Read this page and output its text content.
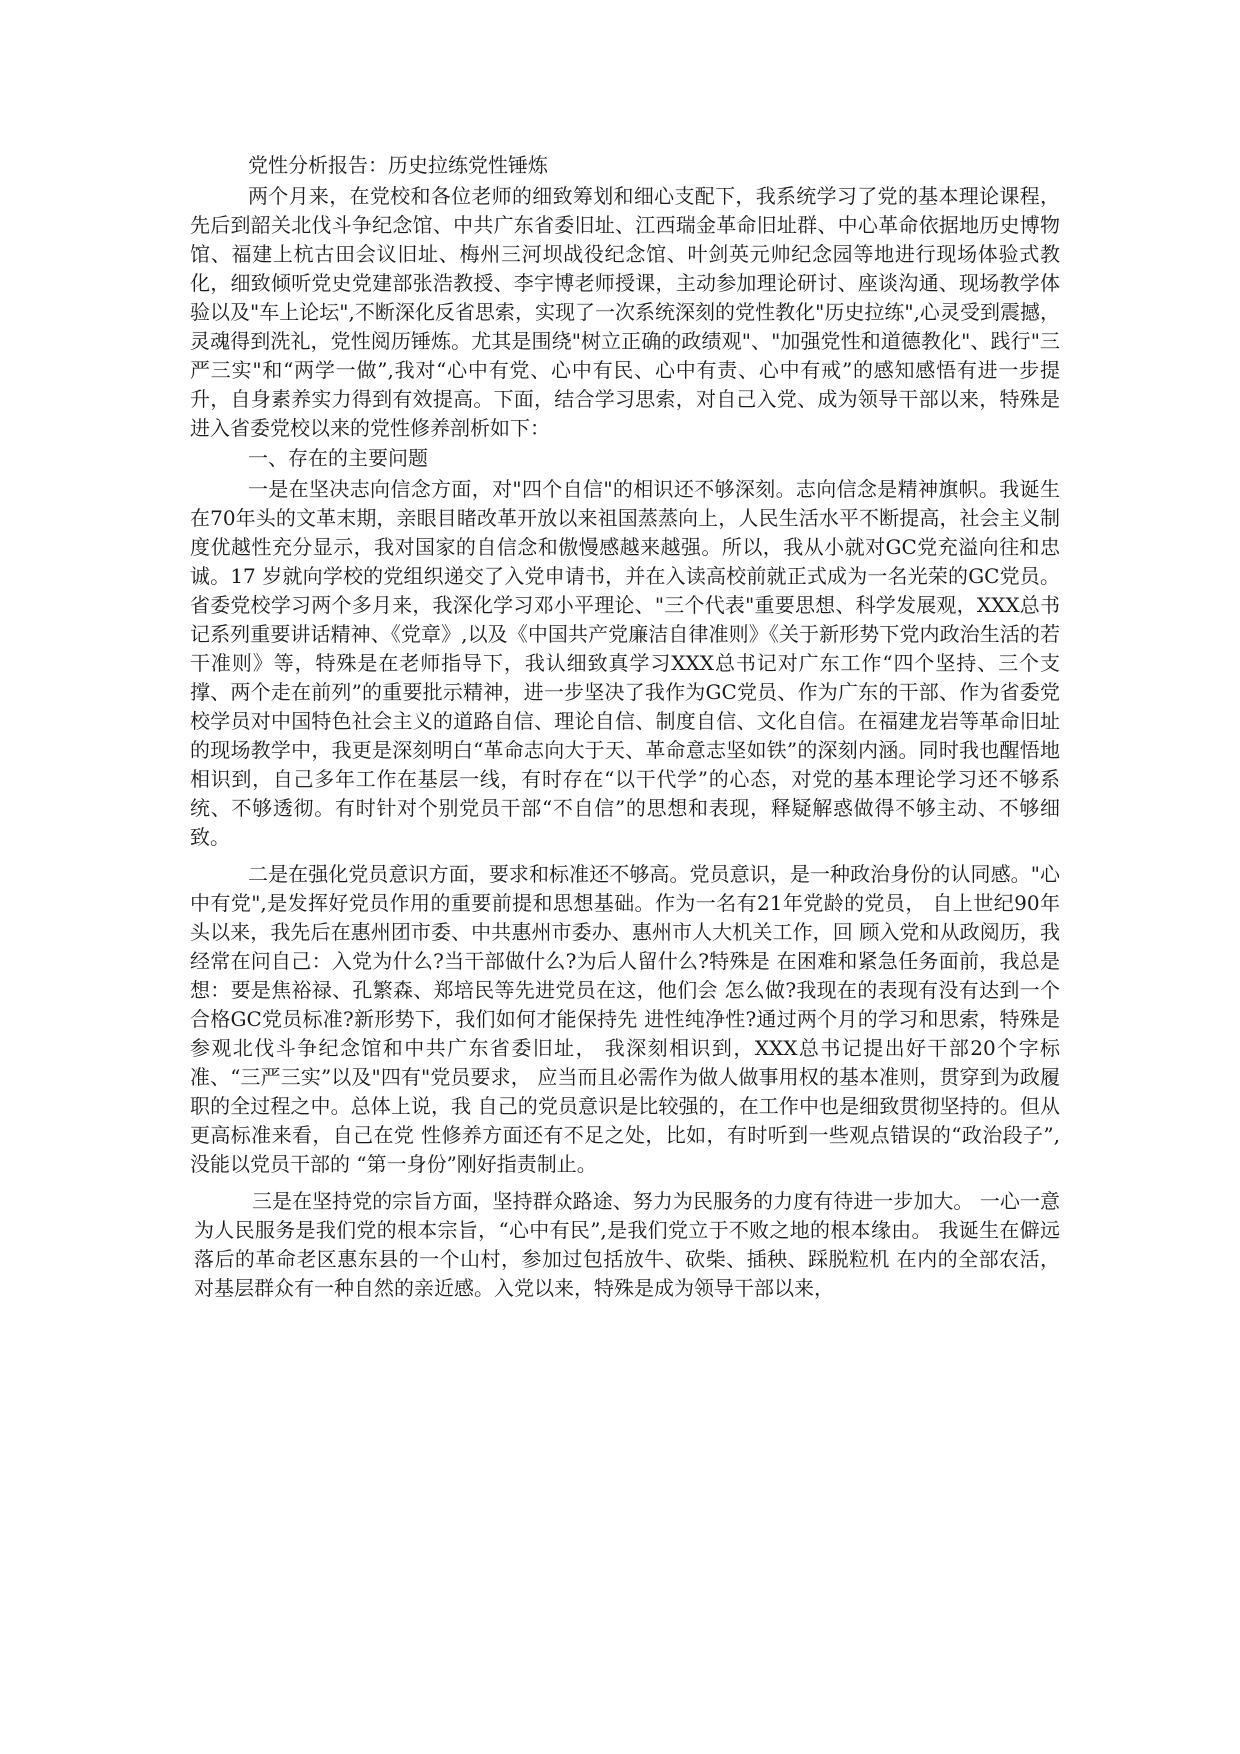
党性分析报告：历史拉练党性锤炼

两个月来，在党校和各位老师的细致筹划和细心支配下，我系统学习了党的基本理论课程，先后到韶关北伐斗争纪念馆、中共广东省委旧址、江西瑞金革命旧址群、中心革命依据地历史博物馆、福建上杭古田会议旧址、梅州三河坝战役纪念馆、叶剑英元帅纪念园等地进行现场体验式教化，细致倾听党史党建部张浩教授、李宇博老师授课，主动参加理论研讨、座谈沟通、现场教学体验以及"车上论坛",不断深化反省思索，实现了一次系统深刻的党性教化"历史拉练",心灵受到震撼，灵魂得到洗礼，党性阅历锤炼。尤其是围绕"树立正确的政绩观"、"加强党性和道德教化"、践行"三严三实"和“两学一做”,我对“心中有党、心中有民、心中有责、心中有戒”的感知感悟有进一步提升，自身素养实力得到有效提高。下面，结合学习思索，对自己入党、成为领导干部以来，特殊是进入省委党校以来的党性修养剖析如下：

一、存在的主要问题

一是在坚决志向信念方面，对"四个自信"的相识还不够深刻。志向信念是精神旗帜。我诞生在70年头的文革末期，亲眼目睹改革开放以来祖国蒸蒸向上，人民生活水平不断提高，社会主义制度优越性充分显示，我对国家的自信念和傲慢感越来越强。所以，我从小就对GC党充溢向往和忠诚。17 岁就向学校的党组织递交了入党申请书，并在入读高校前就正式成为一名光荣的GC党员。省委党校学习两个多月来，我深化学习邓小平理论、"三个代表"重要思想、科学发展观，XXX总书记系列重要讲话精神、《党章》,以及《中国共产党廉洁自律准则》《关于新形势下党内政治生活的若干准则》等，特殊是在老师指导下，我认细致真学习XXX总书记对广东工作“四个坚持、三个支撑、两个走在前列”的重要批示精神，进一步坚决了我作为GC党员、作为广东的干部、作为省委党校学员对中国特色社会主义的道路自信、理论自信、制度自信、文化自信。在福建龙岩等革命旧址的现场教学中，我更是深刻明白“革命志向大于天、革命意志坚如铁”的深刻内涵。同时我也醒悟地相识到，自己多年工作在基层一线，有时存在“以干代学”的心态，对党的基本理论学习还不够系统、不够透彻。有时针对个别党员干部“不自信”的思想和表现，释疑解惑做得不够主动、不够细致。

二是在强化党员意识方面，要求和标准还不够高。党员意识，是一种政治身份的认同感。"心中有党",是发挥好党员作用的重要前提和思想基础。作为一名有21年党龄的党员， 自上世纪90年头以来，我先后在惠州团市委、中共惠州市委办、惠州市人大机关工作，回 顾入党和从政阅历，我经常在问自己：入党为什么?当干部做什么?为后人留什么?特殊是 在困难和紧急任务面前，我总是想：要是焦裕禄、孔繁森、郑培民等先进党员在这，他们会 怎么做?我现在的表现有没有达到一个合格GC党员标准?新形势下，我们如何才能保持先 进性纯净性?通过两个月的学习和思索，特殊是参观北伐斗争纪念馆和中共广东省委旧址， 我深刻相识到，XXX总书记提出好干部20个字标准、“三严三实”以及"四有"党员要求， 应当而且必需作为做人做事用权的基本准则，贯穿到为政履职的全过程之中。总体上说，我 自己的党员意识是比较强的，在工作中也是细致贯彻坚持的。但从更高标准来看，自己在党 性修养方面还有不足之处，比如，有时听到一些观点错误的“政治段子”,没能以党员干部的 “第一身份”刚好指责制止。

三是在坚持党的宗旨方面，坚持群众路途、努力为民服务的力度有待进一步加大。 一心一意为人民服务是我们党的根本宗旨，“心中有民”,是我们党立于不败之地的根本缘由。 我诞生在僻远落后的革命老区惠东县的一个山村，参加过包括放牛、砍柴、插秧、踩脱粒机 在内的全部农活，对基层群众有一种自然的亲近感。入党以来，特殊是成为领导干部以来，
